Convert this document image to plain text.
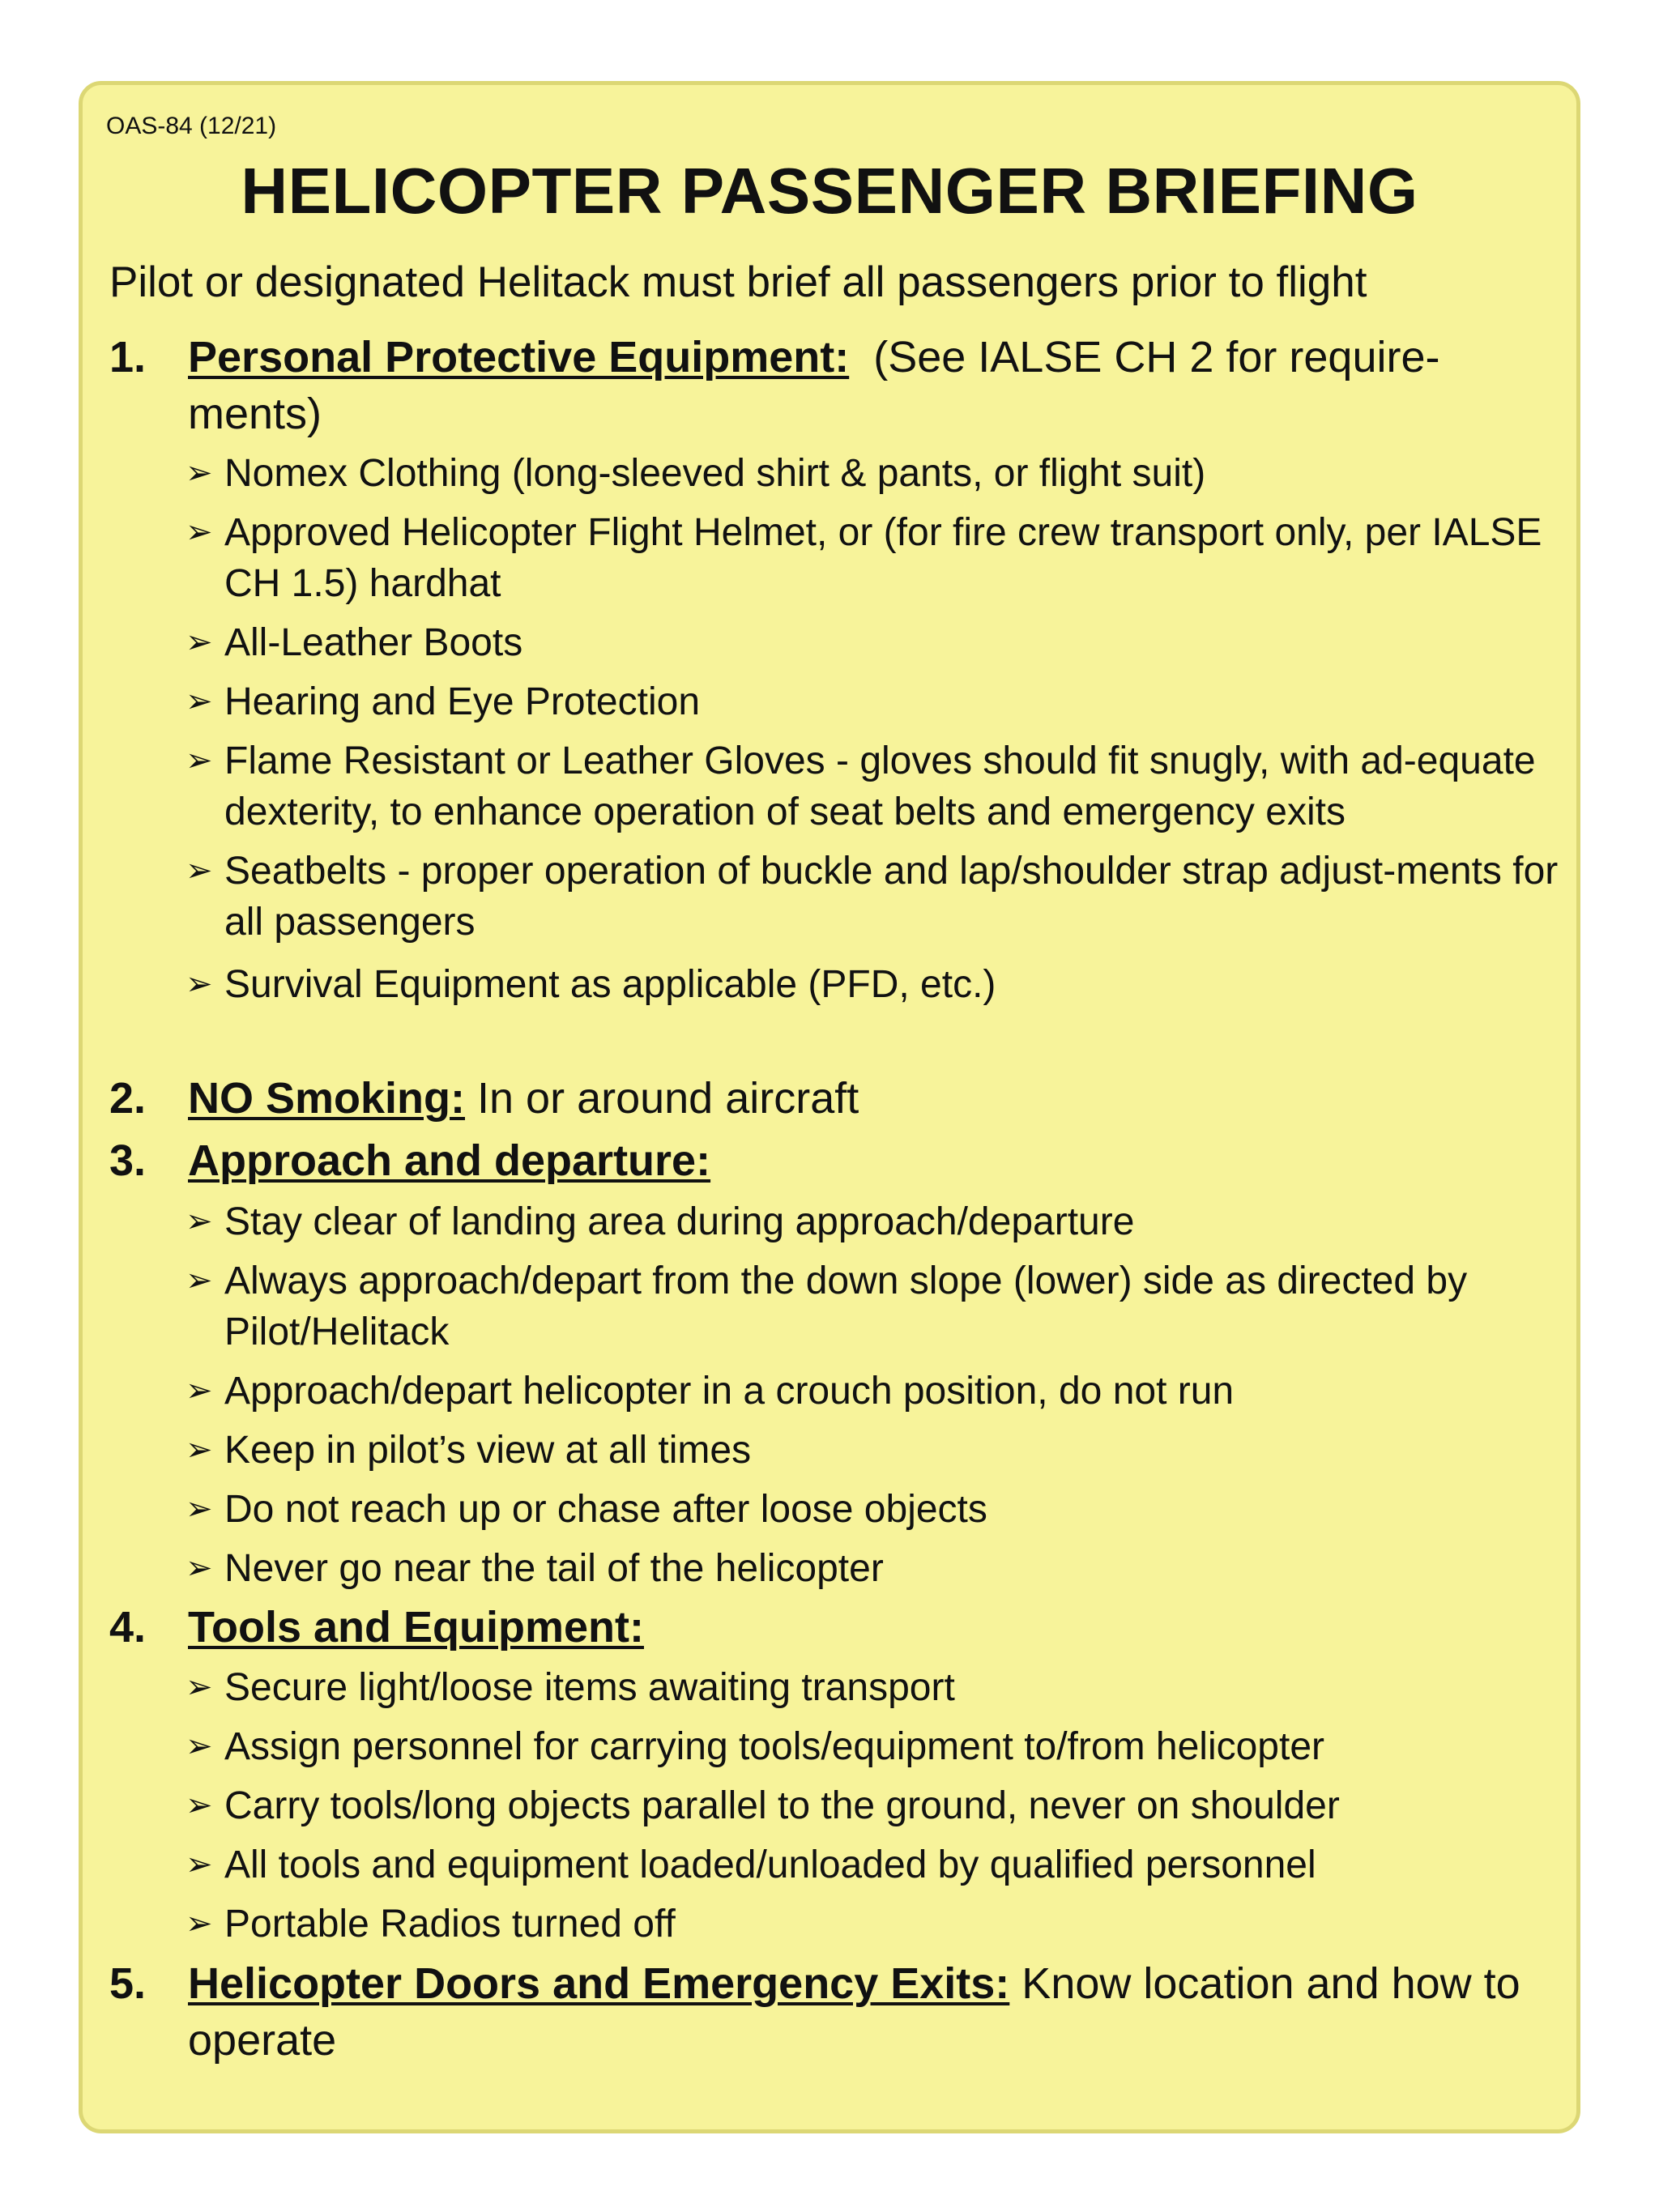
OAS-84 (12/21)
HELICOPTER PASSENGER BRIEFING
Pilot or designated Helitack must brief all passengers prior to flight
1. Personal Protective Equipment:  (See IALSE CH 2 for require-ments)
➢ Nomex Clothing (long-sleeved shirt & pants, or flight suit)
➢ Approved Helicopter Flight Helmet, or (for fire crew transport only, per IALSE CH 1.5) hardhat
➢ All-Leather Boots
➢ Hearing and Eye Protection
➢ Flame Resistant or Leather Gloves - gloves should fit snugly, with ad-equate dexterity, to enhance operation of seat belts and emergency exits
➢ Seatbelts - proper operation of buckle and lap/shoulder strap adjust-ments for all passengers
➢ Survival Equipment as applicable (PFD, etc.)
2. NO Smoking: In or around aircraft
3. Approach and departure:
➢ Stay clear of landing area during approach/departure
➢ Always approach/depart from the down slope (lower) side as directed by Pilot/Helitack
➢ Approach/depart helicopter in a crouch position, do not run
➢ Keep in pilot’s view at all times
➢ Do not reach up or chase after loose objects
➢ Never go near the tail of the helicopter
4. Tools and Equipment:
➢ Secure light/loose items awaiting transport
➢ Assign personnel for carrying tools/equipment to/from helicopter
➢ Carry tools/long objects parallel to the ground, never on shoulder
➢ All tools and equipment loaded/unloaded by qualified personnel
➢ Portable Radios turned off
5. Helicopter Doors and Emergency Exits: Know location and how to operate
